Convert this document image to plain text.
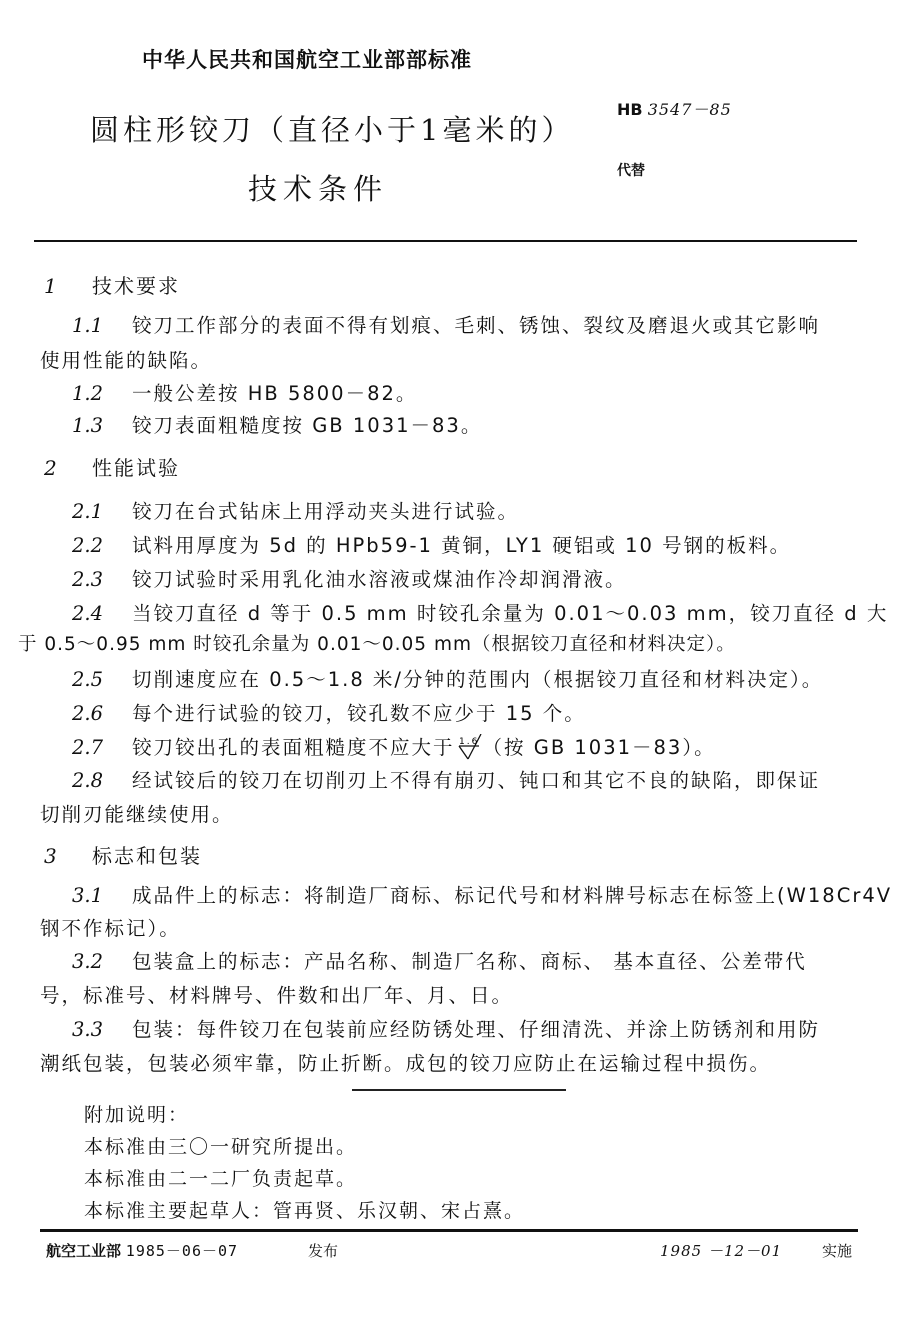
中华人民共和国航空工业部部标准
HB 3547－85
代替
圆柱形铰刀（直径小于1毫米的）
技术条件
1 技术要求
1.1 铰刀工作部分的表面不得有划痕、毛刺、锈蚀、裂纹及磨退火或其它影响
使用性能的缺陷。
1.2 一般公差按 HB 5800－82。
1.3 铰刀表面粗糙度按 GB 1031－83。
2 性能试验
2.1 铰刀在台式钻床上用浮动夹头进行试验。
2.2 试料用厚度为 5d 的 HPb59-1 黄铜，LY1 硬铝或 10 号钢的板料。
2.3 铰刀试验时采用乳化油水溶液或煤油作冷却润滑液。
2.4 当铰刀直径 d 等于 0.5 mm 时铰孔余量为 0.01～0.03 mm，铰刀直径 d 大
于 0.5～0.95 mm 时铰孔余量为 0.01～0.05 mm（根据铰刀直径和材料决定）。
2.5 切削速度应在 0.5～1.8 米/分钟的范围内（根据铰刀直径和材料决定）。
2.6 每个进行试验的铰刀，铰孔数不应少于 15 个。
2.7 铰刀铰出孔的表面粗糙度不应大于 1.6 （按 GB 1031－83）。
2.8 经试铰后的铰刀在切削刃上不得有崩刃、钝口和其它不良的缺陷，即保证
切削刃能继续使用。
3 标志和包装
3.1 成品件上的标志：将制造厂商标、标记代号和材料牌号标志在标签上(W18Cr4V
钢不作标记）。
3.2 包装盒上的标志：产品名称、制造厂名称、商标、 基本直径、公差带代
号，标准号、材料牌号、件数和出厂年、月、日。
3.3 包装：每件铰刀在包装前应经防锈处理、仔细清洗、并涂上防锈剂和用防
潮纸包装，包装必须牢靠，防止折断。成包的铰刀应防止在运输过程中损伤。
附加说明：
本标准由三〇一研究所提出。
本标准由二一二厂负责起草。
本标准主要起草人：管再贤、乐汉朝、宋占熹。
航空工业部 1985－06－07	发布	1985 －12－01	实施
